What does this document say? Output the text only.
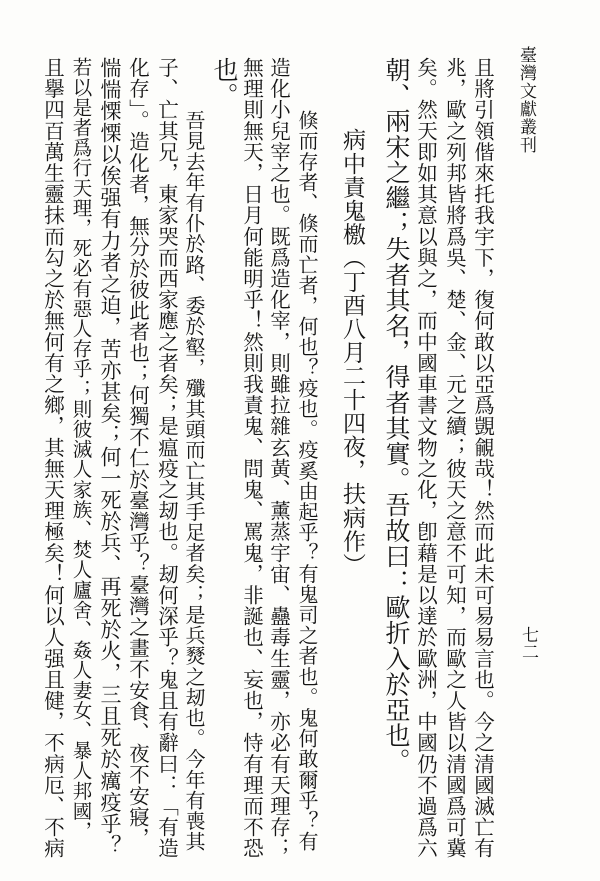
臺灣文獻叢刊
七二
且將引領偕來托我宇下，復何敢以亞爲覬覦哉！然而此未可易易言也。今之清國滅亡有
兆，歐之列邦皆將爲吳、楚、金、元之續；彼天之意不可知，而歐之人皆以清國爲可冀
矣。然天即如其意以與之，而中國車書文物之化，卽藉是以達於歐洲，中國仍不過爲六
朝、兩宋之繼；失者其名，得者其實。吾故曰：歐折入於亞也。
病中責鬼檄（丁酉八月二十四夜，扶病作）
倏而存者、倏而亡者，何也？疫也。疫奚由起乎？有鬼司之者也。鬼何敢爾乎？有
造化小兒宰之也。既爲造化宰，則雖拉雜玄黃、薰蒸宇宙、蠱毒生靈，亦必有天理存；
無理則無天，日月何能明乎！然則我責鬼、問鬼、罵鬼，非誕也、妄也，恃有理而不恐
也。
吾見去年有仆於路、委於壑，殲其頭而亡其手足者矣；是兵燹之刼也。今年有喪其
子、亡其兄，東家哭而西家應之者矣；是瘟疫之刼也。刼何深乎？鬼且有辭曰：「有造
化存」。造化者，無分於彼此者也；何獨不仁於臺灣乎？臺灣之畫不安食、夜不安寢，
惴惴慄慄以俟强有力者之迫，苦亦甚矣；何一死於兵、再死於火，三且死於癘疫乎？
若以是者爲行天理，死必有惡人存乎；則彼滅人家族、焚人廬舍、姦人妻女、暴人邦國，
且擧四百萬生靈抹而勾之於無何有之鄉，其無天理極矣！何以人强且健，不病厄、不病
